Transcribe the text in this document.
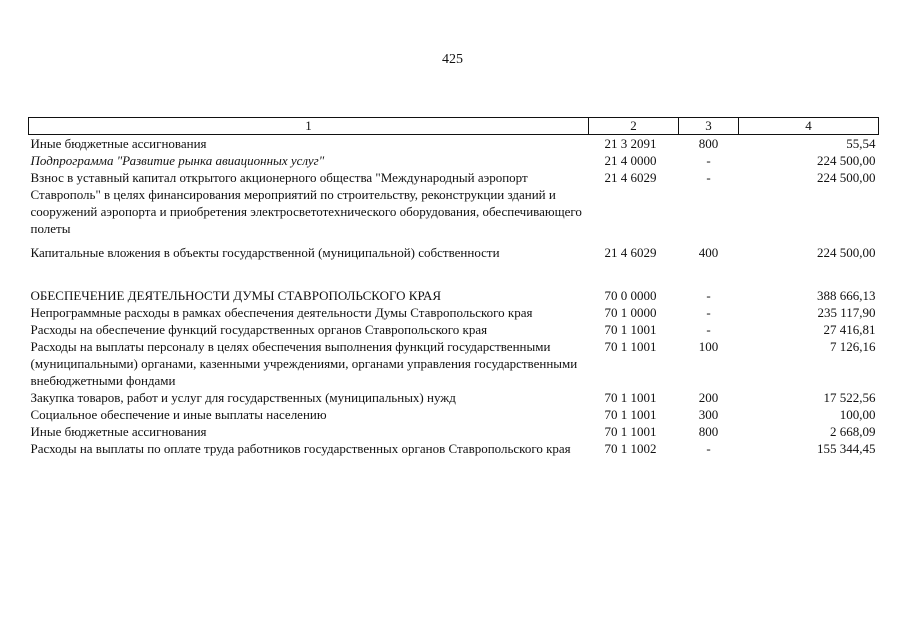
425
1	2	3	4
Иные бюджетные ассигнования	21 3 2091	800	55,54
Подпрограмма "Развитие рынка авиационных услуг"	21 4 0000	-	224 500,00
Взнос в уставный капитал открытого акционерного общества "Международный аэропорт Ставрополь" в целях финансирования мероприятий по строительству, реконструкции зданий и сооружений аэропорта и приобретения электросветотехнического оборудования, обеспечивающего полеты	21 4 6029	-	224 500,00
Капитальные вложения в объекты государственной (муниципальной) собственности	21 4 6029	400	224 500,00
ОБЕСПЕЧЕНИЕ ДЕЯТЕЛЬНОСТИ ДУМЫ СТАВРОПОЛЬСКОГО КРАЯ	70 0 0000	-	388 666,13
Непрограммные расходы в рамках обеспечения деятельности Думы Ставропольского края	70 1 0000	-	235 117,90
Расходы на обеспечение функций государственных органов Ставропольского края	70 1 1001	-	27 416,81
Расходы на выплаты персоналу в целях обеспечения выполнения функций государственными (муниципальными) органами, казенными учреждениями, органами управления государственными внебюджетными фондами	70 1 1001	100	7 126,16
Закупка товаров, работ и услуг для государственных (муниципальных) нужд	70 1 1001	200	17 522,56
Социальное обеспечение и иные выплаты населению	70 1 1001	300	100,00
Иные бюджетные ассигнования	70 1 1001	800	2 668,09
Расходы на выплаты по оплате труда работников государственных органов Ставропольского края	70 1 1002	-	155 344,45
